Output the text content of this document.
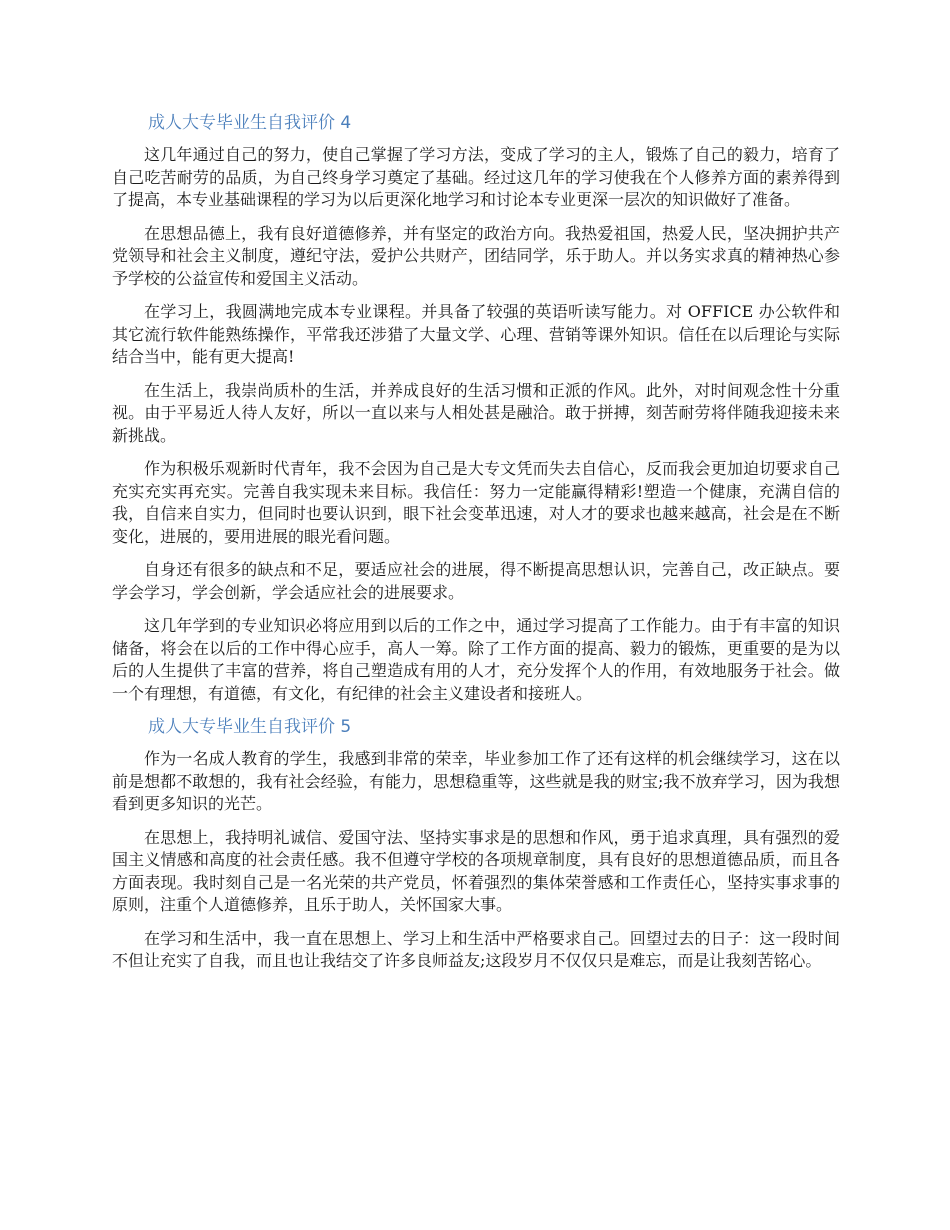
成人大专毕业生自我评价 4

这几年通过自己的努力，使自己掌握了学习方法，变成了学习的主人，锻炼了自己的毅力，培育了自己吃苦耐劳的品质，为自己终身学习奠定了基础。经过这几年的学习使我在个人修养方面的素养得到了提高，本专业基础课程的学习为以后更深化地学习和讨论本专业更深一层次的知识做好了准备。

在思想品德上，我有良好道德修养，并有坚定的政治方向。我热爱祖国，热爱人民，坚决拥护共产党领导和社会主义制度，遵纪守法，爱护公共财产，团结同学，乐于助人。并以务实求真的精神热心参予学校的公益宣传和爱国主义活动。

在学习上，我圆满地完成本专业课程。并具备了较强的英语听读写能力。对 OFFICE 办公软件和其它流行软件能熟练操作，平常我还涉猎了大量文学、心理、营销等课外知识。信任在以后理论与实际结合当中，能有更大提高!

在生活上，我崇尚质朴的生活，并养成良好的生活习惯和正派的作风。此外，对时间观念性十分重视。由于平易近人待人友好，所以一直以来与人相处甚是融洽。敢于拼搏，刻苦耐劳将伴随我迎接未来新挑战。

作为积极乐观新时代青年，我不会因为自己是大专文凭而失去自信心，反而我会更加迫切要求自己充实充实再充实。完善自我实现未来目标。我信任：努力一定能赢得精彩!塑造一个健康，充满自信的我，自信来自实力，但同时也要认识到，眼下社会变革迅速，对人才的要求也越来越高，社会是在不断变化，进展的，要用进展的眼光看问题。

自身还有很多的缺点和不足，要适应社会的进展，得不断提高思想认识，完善自己，改正缺点。要学会学习，学会创新，学会适应社会的进展要求。

这几年学到的专业知识必将应用到以后的工作之中，通过学习提高了工作能力。由于有丰富的知识储备，将会在以后的工作中得心应手，高人一筹。除了工作方面的提高、毅力的锻炼，更重要的是为以后的人生提供了丰富的营养，将自己塑造成有用的人才，充分发挥个人的作用，有效地服务于社会。做一个有理想，有道德，有文化，有纪律的社会主义建设者和接班人。

成人大专毕业生自我评价 5

作为一名成人教育的学生，我感到非常的荣幸，毕业参加工作了还有这样的机会继续学习，这在以前是想都不敢想的，我有社会经验，有能力，思想稳重等，这些就是我的财宝;我不放弃学习，因为我想看到更多知识的光芒。

在思想上，我持明礼诚信、爱国守法、坚持实事求是的思想和作风，勇于追求真理，具有强烈的爱国主义情感和高度的社会责任感。我不但遵守学校的各项规章制度，具有良好的思想道德品质，而且各方面表现。我时刻自己是一名光荣的共产党员，怀着强烈的集体荣誉感和工作责任心，坚持实事求事的原则，注重个人道德修养，且乐于助人，关怀国家大事。

在学习和生活中，我一直在思想上、学习上和生活中严格要求自己。回望过去的日子：这一段时间不但让充实了自我，而且也让我结交了许多良师益友;这段岁月不仅仅只是难忘，而是让我刻苦铭心。
